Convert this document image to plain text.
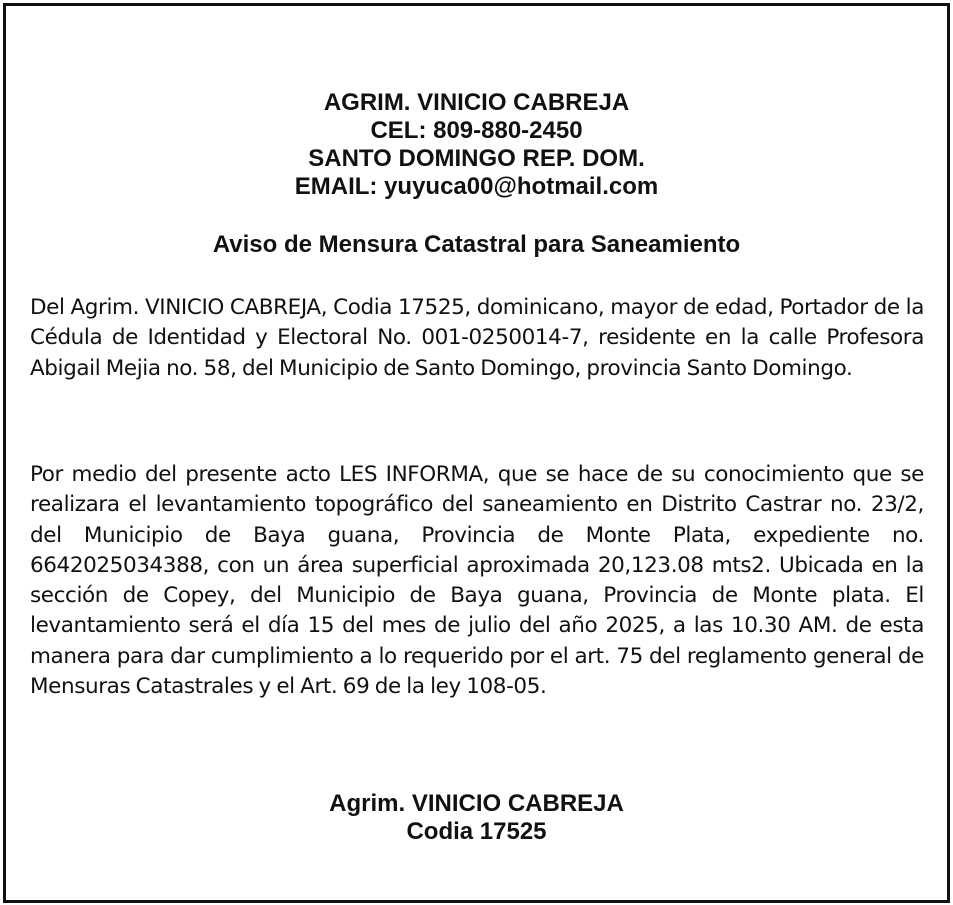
AGRIM. VINICIO CABREJA
CEL: 809-880-2450
SANTO DOMINGO REP. DOM.
EMAIL: yuyuca00@hotmail.com
Aviso de Mensura Catastral para Saneamiento
Del Agrim. VINICIO CABREJA, Codia 17525, dominicano, mayor de edad, Portador de la Cédula de Identidad y Electoral No. 001-0250014-7, residente en la calle Profesora Abigail Mejia no. 58, del Municipio de Santo Domingo, provincia Santo Domingo.
Por medio del presente acto LES INFORMA, que se hace de su conocimiento que se realizara el levantamiento topográfico del saneamiento en Distrito Castrar no. 23/2, del Municipio de Baya guana, Provincia de Monte Plata, expediente no. 6642025034388, con un área superficial aproximada 20,123.08 mts2. Ubicada en la sección de Copey, del Municipio de Baya guana, Provincia de Monte plata. El levantamiento será el día 15 del mes de julio del año 2025, a las 10.30 AM. de esta manera para dar cumplimiento a lo requerido por el art. 75 del reglamento general de Mensuras Catastrales y el Art. 69 de la ley 108-05.
Agrim. VINICIO CABREJA
Codia 17525
